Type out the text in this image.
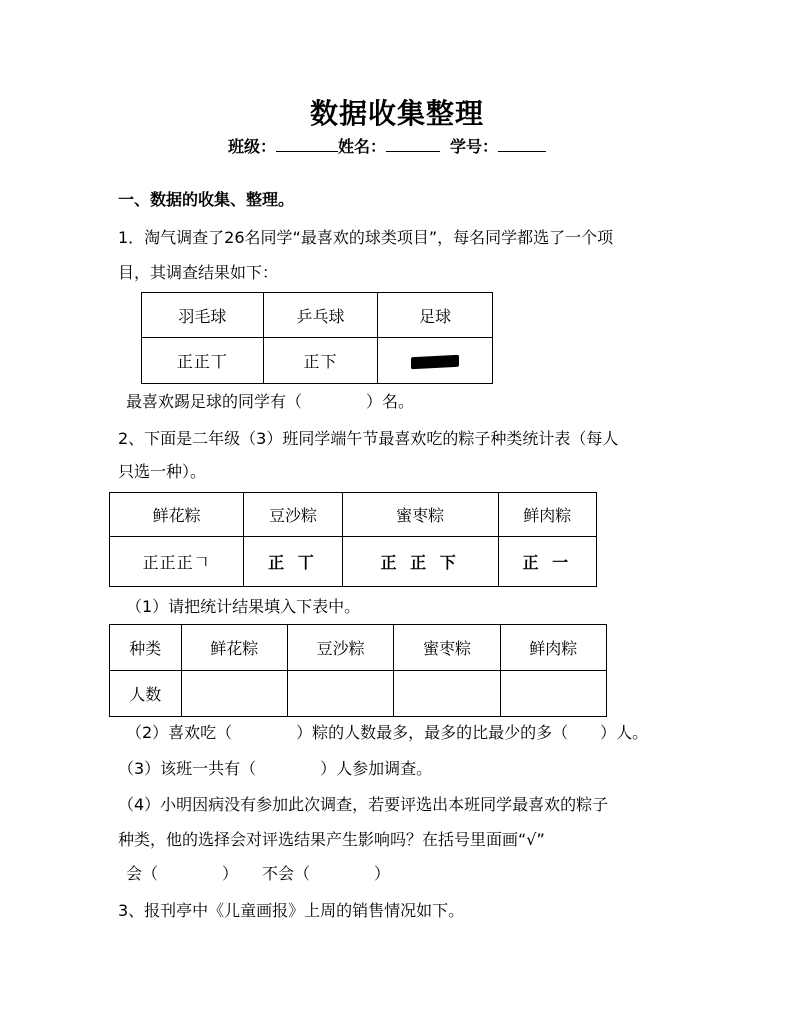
数据收集整理
班级：	姓名：	学号：
一、数据的收集、整理。
1．淘气调查了26名同学“最喜欢的球类项目”，每名同学都选了一个项
目，其调查结果如下：
羽毛球	乒乓球	足球
正正丅	正下	
最喜欢踢足球的同学有（　　　　）名。
2、下面是二年级（3）班同学端午节最喜欢吃的粽子种类统计表（每人
只选一种）。
鲜花粽	豆沙粽	蜜枣粽	鲜肉粽
正正正𠃍	正 丅	正 正 下	正 一
（1）请把统计结果填入下表中。
种类	鲜花粽	豆沙粽	蜜枣粽	鲜肉粽
人数				
（2）喜欢吃（　　　　）粽的人数最多，最多的比最少的多（　　）人。
（3）该班一共有（　　　　）人参加调查。
（4）小明因病没有参加此次调查，若要评选出本班同学最喜欢的粽子
种类，他的选择会对评选结果产生影响吗？在括号里面画“√”
会（　　　　）　　不会（　　　　）
3、报刊亭中《儿童画报》上周的销售情况如下。
